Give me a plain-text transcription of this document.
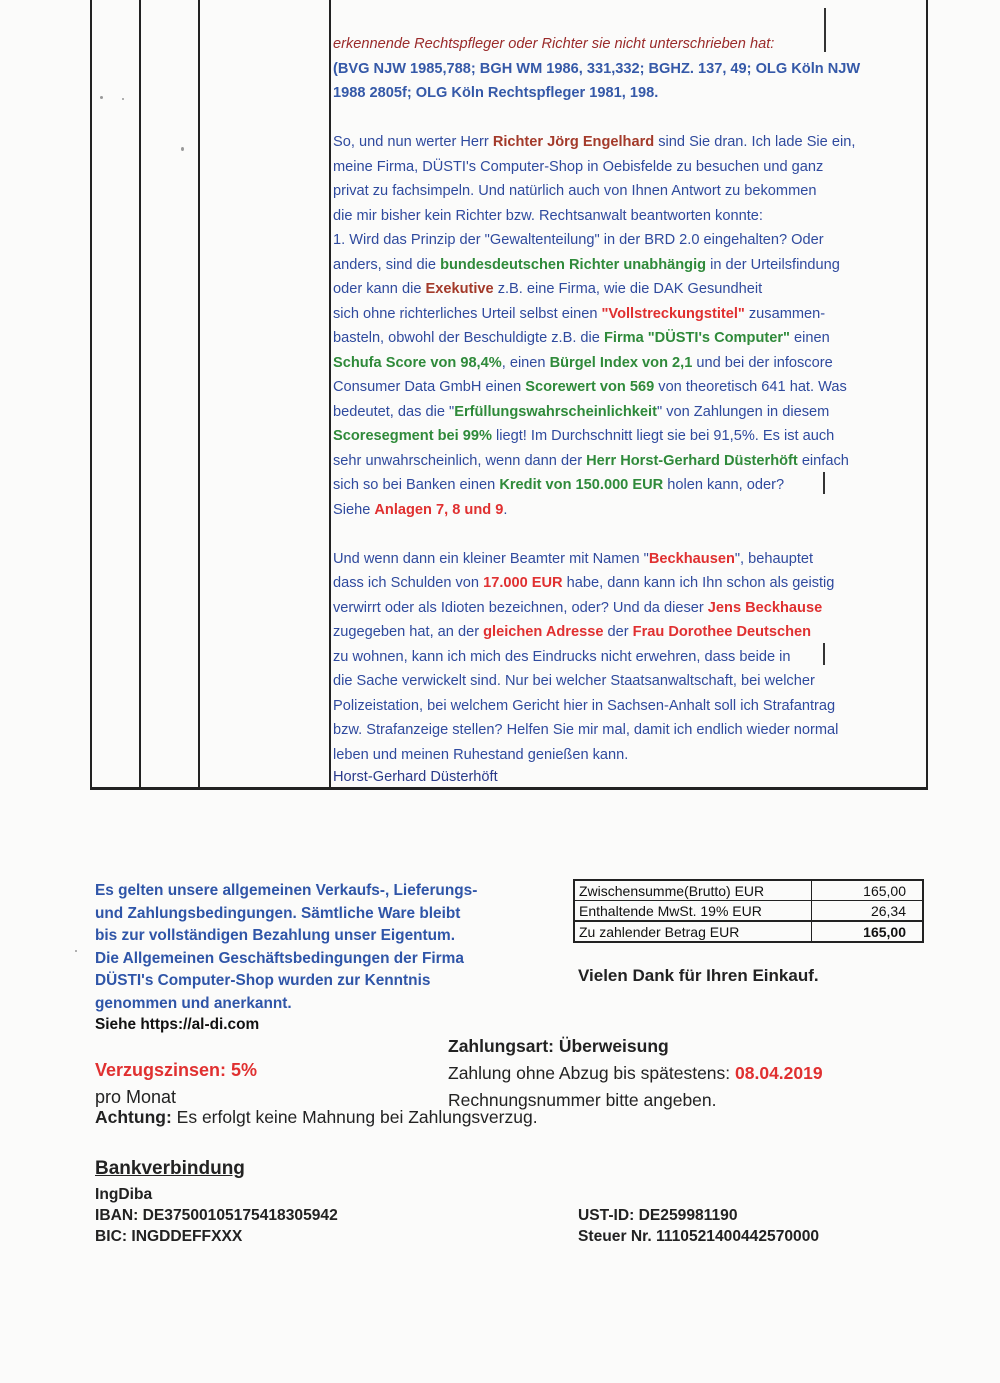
erkennende Rechtspfleger oder Richter sie nicht unterschrieben hat:

(BVG NJW 1985,788; BGH WM 1986, 331,332; BGHZ. 137, 49; OLG Köln NJW

1988 2805f; OLG Köln Rechtspfleger 1981, 198.

So, und nun werter Herr Richter Jörg Engelhard sind Sie dran. Ich lade Sie ein,

meine Firma, DÜSTI's Computer-Shop in Oebisfelde zu besuchen und ganz

privat zu fachsimpeln. Und natürlich auch von Ihnen Antwort zu bekommen

die mir bisher kein Richter bzw. Rechtsanwalt beantworten konnte:

1. Wird das Prinzip der "Gewaltenteilung" in der BRD 2.0 eingehalten? Oder

anders, sind die bundesdeutschen Richter unabhängig in der Urteilsfindung

oder kann die Exekutive z.B. eine Firma, wie die DAK Gesundheit

sich ohne richterliches Urteil selbst einen "Vollstreckungstitel" zusammen-

basteln, obwohl der Beschuldigte z.B. die Firma "DÜSTI's Computer" einen

Schufa Score von 98,4%, einen Bürgel Index von 2,1 und bei der infoscore

Consumer Data GmbH einen Scorewert von 569 von theoretisch 641 hat. Was

bedeutet, das die "Erfüllungswahrscheinlichkeit" von Zahlungen in diesem

Scoresegment bei 99% liegt! Im Durchschnitt liegt sie bei 91,5%. Es ist auch

sehr unwahrscheinlich, wenn dann der Herr Horst-Gerhard Düsterhöft einfach

sich so bei Banken einen Kredit von 150.000 EUR holen kann, oder?

Siehe Anlagen 7, 8 und 9.

Und wenn dann ein kleiner Beamter mit Namen "Beckhausen", behauptet

dass ich Schulden von 17.000 EUR habe, dann kann ich Ihn schon als geistig

verwirrt oder als Idioten bezeichnen, oder? Und da dieser Jens Beckhause

zugegeben hat, an der gleichen Adresse der Frau Dorothee Deutschen

zu wohnen, kann ich mich des Eindrucks nicht erwehren, dass beide in

die Sache verwickelt sind. Nur bei welcher Staatsanwaltschaft, bei welcher

Polizeistation, bei welchem Gericht hier in Sachsen-Anhalt soll ich Strafantrag

bzw. Strafanzeige stellen? Helfen Sie mir mal, damit ich endlich wieder normal

leben und meinen Ruhestand genießen kann.

Horst-Gerhard Düsterhöft

Es gelten unsere allgemeinen Verkaufs-, Lieferungs-
und Zahlungsbedingungen. Sämtliche Ware bleibt
bis zur vollständigen Bezahlung unser Eigentum.
Die Allgemeinen Geschäftsbedingungen der Firma
DÜSTI's Computer-Shop wurden zur Kenntnis
genommen und anerkannt.
Siehe https://al-di.com
Zwischensumme(Brutto) EUR	165,00
Enthaltende MwSt. 19% EUR	26,34
Zu zahlender Betrag EUR	165,00
Vielen Dank für Ihren Einkauf.
Zahlungsart: Überweisung
Zahlung ohne Abzug bis spätestens: 08.04.2019
Rechnungsnummer bitte angeben.
Verzugszinsen: 5%
pro Monat
Achtung: Es erfolgt keine Mahnung bei Zahlungsverzug.
Bankverbindung
IngDiba
IBAN: DE37500105175418305942
BIC: INGDDEFFXXX
UST-ID: DE259981190
Steuer Nr. 1110521400442570000
